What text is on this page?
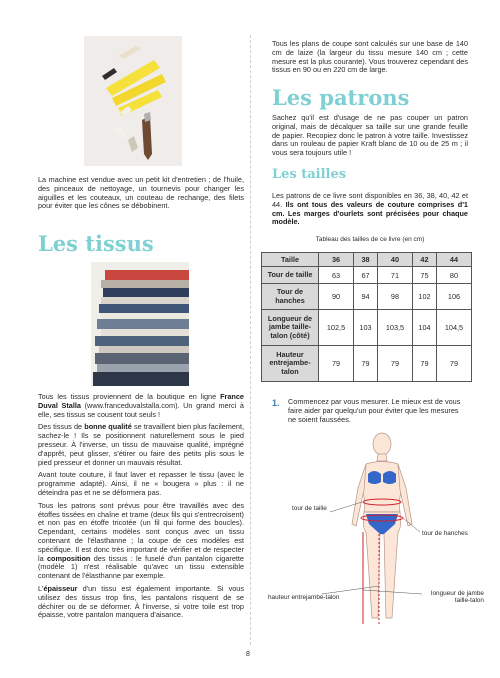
La machine est vendue avec un petit kit d'entretien ; de l'huile, des pinceaux de nettoyage, un tournevis pour changer les aiguilles et les couteaux, un couteau de rechange, des filets pour éviter que les cônes se débobinent.

Les tissus

Tous les tissus proviennent de la boutique en ligne France Duval Stalla (www.franceduvalstalla.com). Un grand merci à elle, ses tissus se cousent tout seuls !

Des tissus de bonne qualité se travaillent bien plus facilement, sachez-le ! Ils se positionnent naturellement sous le pied presseur. À l'inverse, un tissu de mauvaise qualité, imprégné d'apprêt, peut glisser, s'étirer ou faire des petits plis sous le pied presseur et donner un mauvais résultat.

Avant toute couture, il faut laver et repasser le tissu (avec le programme adapté). Ainsi, il ne « bougera » plus : il ne déteindra pas et ne se déformera pas.

Tous les patrons sont prévus pour être travaillés avec des étoffes tissées en chaîne et trame (deux fils qui s'entrecroisent) et non pas en étoffe tricotée (un fil qui forme des boucles). Cependant, certains modèles sont conçus avec un tissu contenant de l'élasthanne ; la coupe de ces modèles est spécifique. Il est donc très important de vérifier et de respecter la composition des tissus : le fuselé d'un pantalon cigarette (modèle 1) n'est réalisable qu'avec un tissu extensible contenant de l'élasthanne par exemple.

L'épaisseur d'un tissu est également importante. Si vous utilisez des tissus trop fins, les pantalons risquent de se déchirer ou de se déformer. À l'inverse, si votre toile est trop épaisse, votre pantalon manquera d'aisance.

Tous les plans de coupe sont calculés sur une base de 140 cm de laize (la largeur du tissu mesure 140 cm ; cette mesure est la plus courante). Vous trouverez cependant des tissus en 90 ou en 220 cm de large.

Les patrons

Sachez qu'il est d'usage de ne pas couper un patron original, mais de décalquer sa taille sur une grande feuille de papier. Recopiez donc le patron à votre taille. Investissez dans un rouleau de papier Kraft blanc de 10 ou de 25 m ; il vous sera toujours utile !

Les tailles

Les patrons de ce livre sont disponibles en 36, 38, 40, 42 et 44. Ils ont tous des valeurs de couture comprises d'1 cm. Les marges d'ourlets sont précisées pour chaque modèle.

Tableau des tailles de ce livre (en cm)
Taille	36	38	40	42	44
Tour de taille	63	67	71	75	80
Tour de hanches	90	94	98	102	106
Longueur de jambe taille-talon (côté)	102,5	103	103,5	104	104,5
Hauteur entrejambe-talon	79	79	79	79	79
1. Commencez par vous mesurer. Le mieux est de vous faire aider par quelqu'un pour éviter que les mesures ne soient faussées.

tour de taille
tour de hanches
hauteur entrejambe-talon
longueur de jambe
taille-talon
8
